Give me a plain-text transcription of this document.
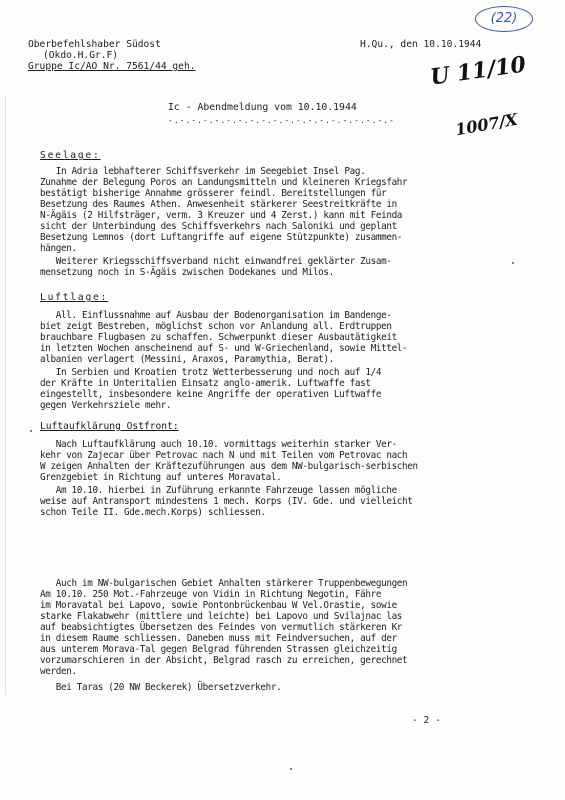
(22)
Oberbefehlshaber Südost
(Okdo.H.Gr.F)
Gruppe Ic/AO Nr. 7561/44 geh.
H.Qu., den 10.10.1944
U 11/10
1007/X
Ic - Abendmeldung vom 10.10.1944
-.-.-.-.-.-.-.-.-.-.-.-.-.-.-.-.-.-.-.-
Seelage:
In Adria lebhafterer Schiffsverkehr im Seegebiet Insel Pag.
Zunahme der Belegung Poros an Landungsmitteln und kleineren Kriegsfahr
bestätigt bisherige Annahme grösserer feindl. Bereitstellungen für
Besetzung des Raumes Athen. Anwesenheit stärkerer Seestreitkräfte in
N-Ägäis (2 Hilfsträger, verm. 3 Kreuzer und 4 Zerst.) kann mit Feinda
sicht der Unterbindung des Schiffsverkehrs nach Saloniki und geplant
Besetzung Lemnos (dort Luftangriffe auf eigene Stützpunkte) zusammen-
hängen.
Weiterer Kriegsschiffsverband nicht einwandfrei geklärter Zusam-
mensetzung noch in S-Ägäis zwischen Dodekanes und Milos.
Luftlage:
All. Einflussnahme auf Ausbau der Bodenorganisation im Bandenge-
biet zeigt Bestreben, möglichst schon vor Anlandung all. Erdtruppen
brauchbare Flugbasen zu schaffen. Schwerpunkt dieser Ausbautätigkeit
in letzten Wochen anscheinend auf S- und W-Griechenland, sowie Mittel-
albanien verlagert (Messini, Araxos, Paramythia, Berat).
In Serbien und Kroatien trotz Wetterbesserung und noch auf 1/4
der Kräfte in Unteritalien Einsatz anglo-amerik. Luftwaffe fast
eingestellt, insbesondere keine Angriffe der operativen Luftwaffe
gegen Verkehrsziele mehr.
Luftaufklärung Ostfront:
Nach Luftaufklärung auch 10.10. vormittags weiterhin starker Ver-
kehr von Zajecar über Petrovac nach N und mit Teilen vom Petrovac nach
W zeigen Anhalten der Kräftezuführungen aus dem NW-bulgarisch-serbischen
Grenzgebiet in Richtung auf unteres Moravatal.
Am 10.10. hierbei in Zuführung erkannte Fahrzeuge lassen mögliche
weise auf Antransport mindestens 1 mech. Korps (IV. Gde. und vielleicht
schon Teile II. Gde.mech.Korps) schliessen.
Auch im NW-bulgarischen Gebiet Anhalten stärkerer Truppenbewegungen
Am 10.10. 250 Mot.-Fahrzeuge von Vidin in Richtung Negotin, Fähre
im Moravatal bei Lapovo, sowie Pontonbrückenbau W Vel.Orastie, sowie
starke Flakabwehr (mittlere und leichte) bei Lapovo und Svilajnac las
auf beabsichtigtes Übersetzen des Feindes von vermutlich stärkeren Kr
in diesem Raume schliessen. Daneben muss mit Feindversuchen, auf der
aus unterem Morava-Tal gegen Belgrad führenden Strassen gleichzeitig
vorzumarschieren in der Absicht, Belgrad rasch zu erreichen, gerechnet
werden.
Bei Taras (20 NW Beckerek) Übersetzverkehr.
- 2 -
